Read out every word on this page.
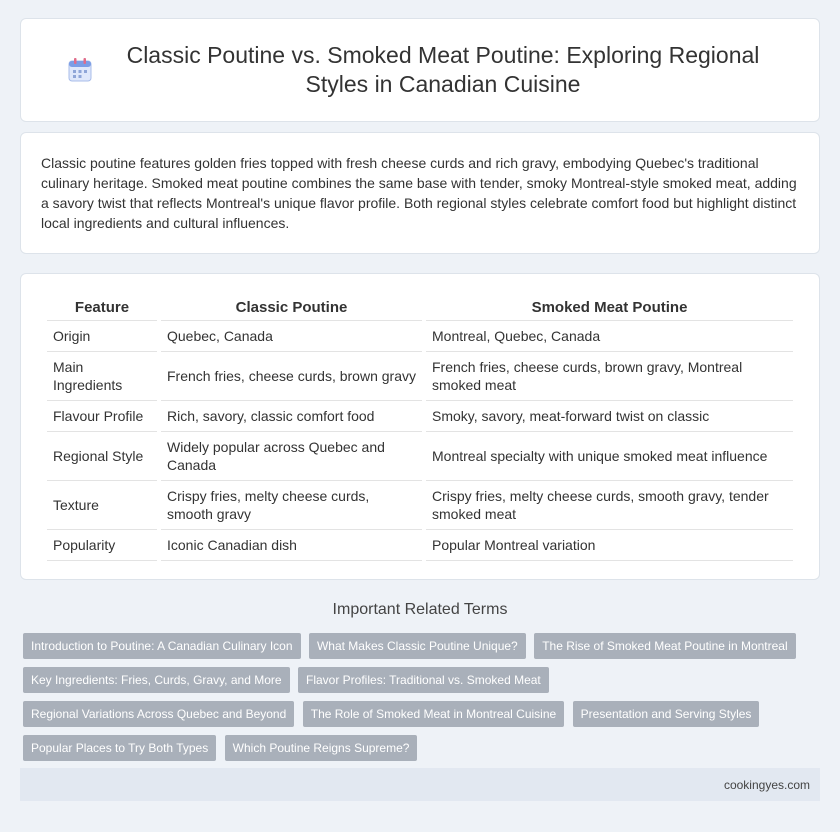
Classic Poutine vs. Smoked Meat Poutine: Exploring Regional Styles in Canadian Cuisine

Classic poutine features golden fries topped with fresh cheese curds and rich gravy, embodying Quebec's traditional culinary heritage. Smoked meat poutine combines the same base with tender, smoky Montreal-style smoked meat, adding a savory twist that reflects Montreal's unique flavor profile. Both regional styles celebrate comfort food but highlight distinct local ingredients and cultural influences.

Feature	Classic Poutine	Smoked Meat Poutine
Origin	Quebec, Canada	Montreal, Quebec, Canada
Main Ingredients	French fries, cheese curds, brown gravy	French fries, cheese curds, brown gravy, Montreal smoked meat
Flavour Profile	Rich, savory, classic comfort food	Smoky, savory, meat-forward twist on classic
Regional Style	Widely popular across Quebec and Canada	Montreal specialty with unique smoked meat influence
Texture	Crispy fries, melty cheese curds, smooth gravy	Crispy fries, melty cheese curds, smooth gravy, tender smoked meat
Popularity	Iconic Canadian dish	Popular Montreal variation
Important Related Terms
Introduction to Poutine: A Canadian Culinary Icon What Makes Classic Poutine Unique? The Rise of Smoked Meat Poutine in Montreal Key Ingredients: Fries, Curds, Gravy, and More Flavor Profiles: Traditional vs. Smoked Meat Regional Variations Across Quebec and Beyond The Role of Smoked Meat in Montreal Cuisine Presentation and Serving Styles Popular Places to Try Both Types Which Poutine Reigns Supreme?
cookingyes.com
